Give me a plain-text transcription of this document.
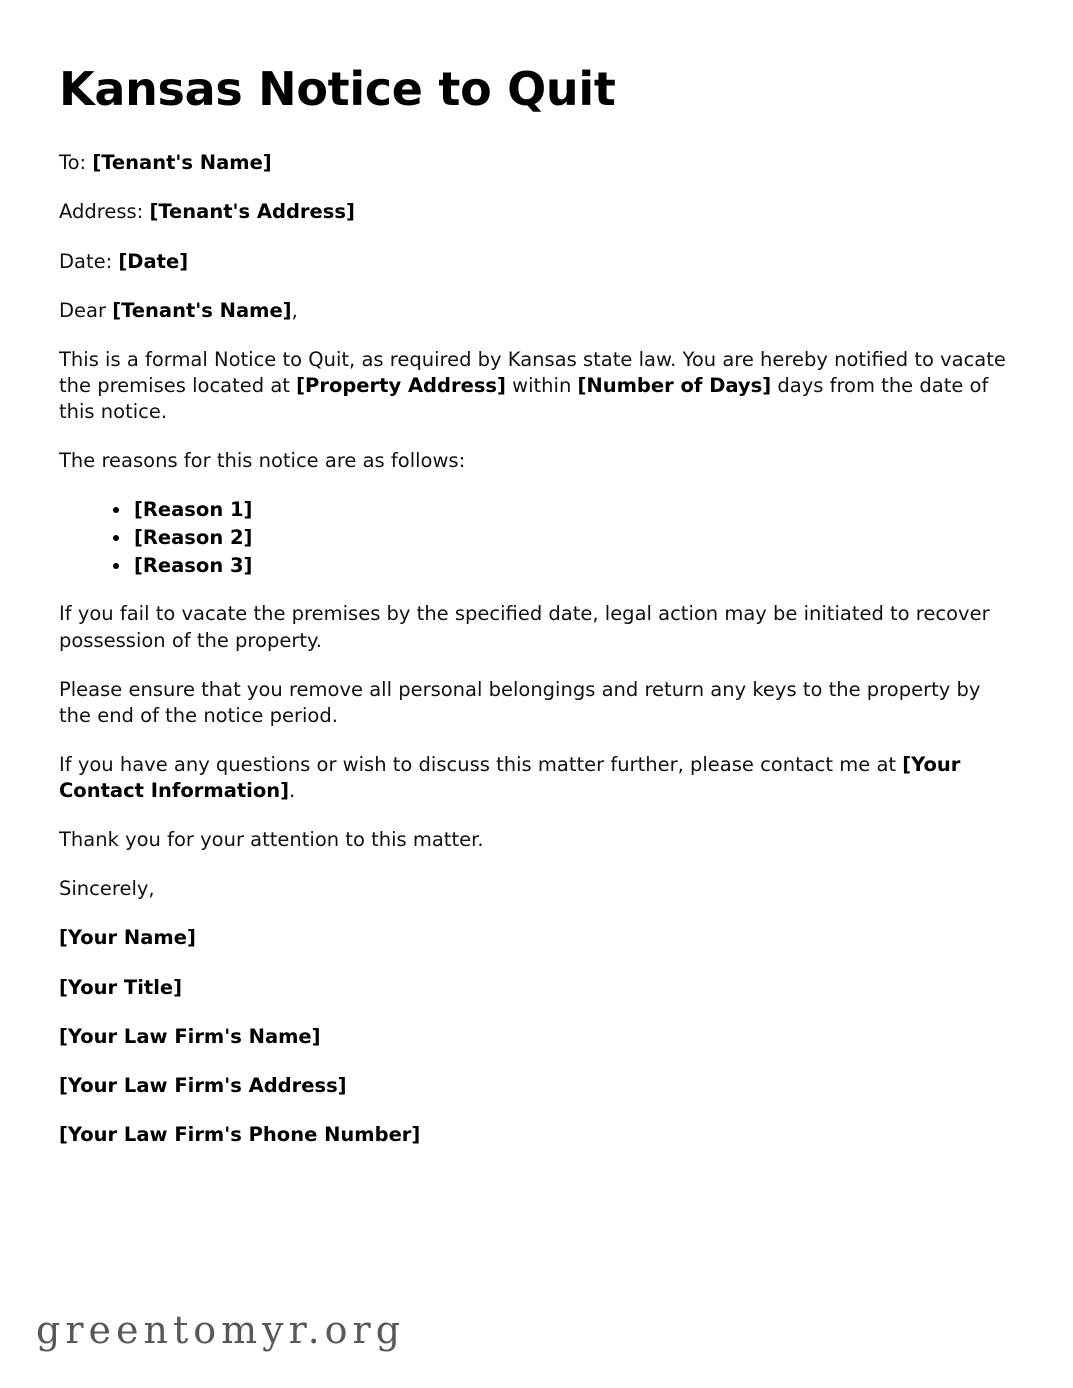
Kansas Notice to Quit

To: [Tenant's Name]

Address: [Tenant's Address]

Date: [Date]

Dear [Tenant's Name],

This is a formal Notice to Quit, as required by Kansas state law. You are hereby notified to vacate the premises located at [Property Address] within [Number of Days] days from the date of this notice.

The reasons for this notice are as follows:

[Reason 1]
[Reason 2]
[Reason 3]

If you fail to vacate the premises by the specified date, legal action may be initiated to recover possession of the property.

Please ensure that you remove all personal belongings and return any keys to the property by the end of the notice period.

If you have any questions or wish to discuss this matter further, please contact me at [Your Contact Information].

Thank you for your attention to this matter.

Sincerely,

[Your Name]

[Your Title]

[Your Law Firm's Name]

[Your Law Firm's Address]

[Your Law Firm's Phone Number]

greentomyr.org
